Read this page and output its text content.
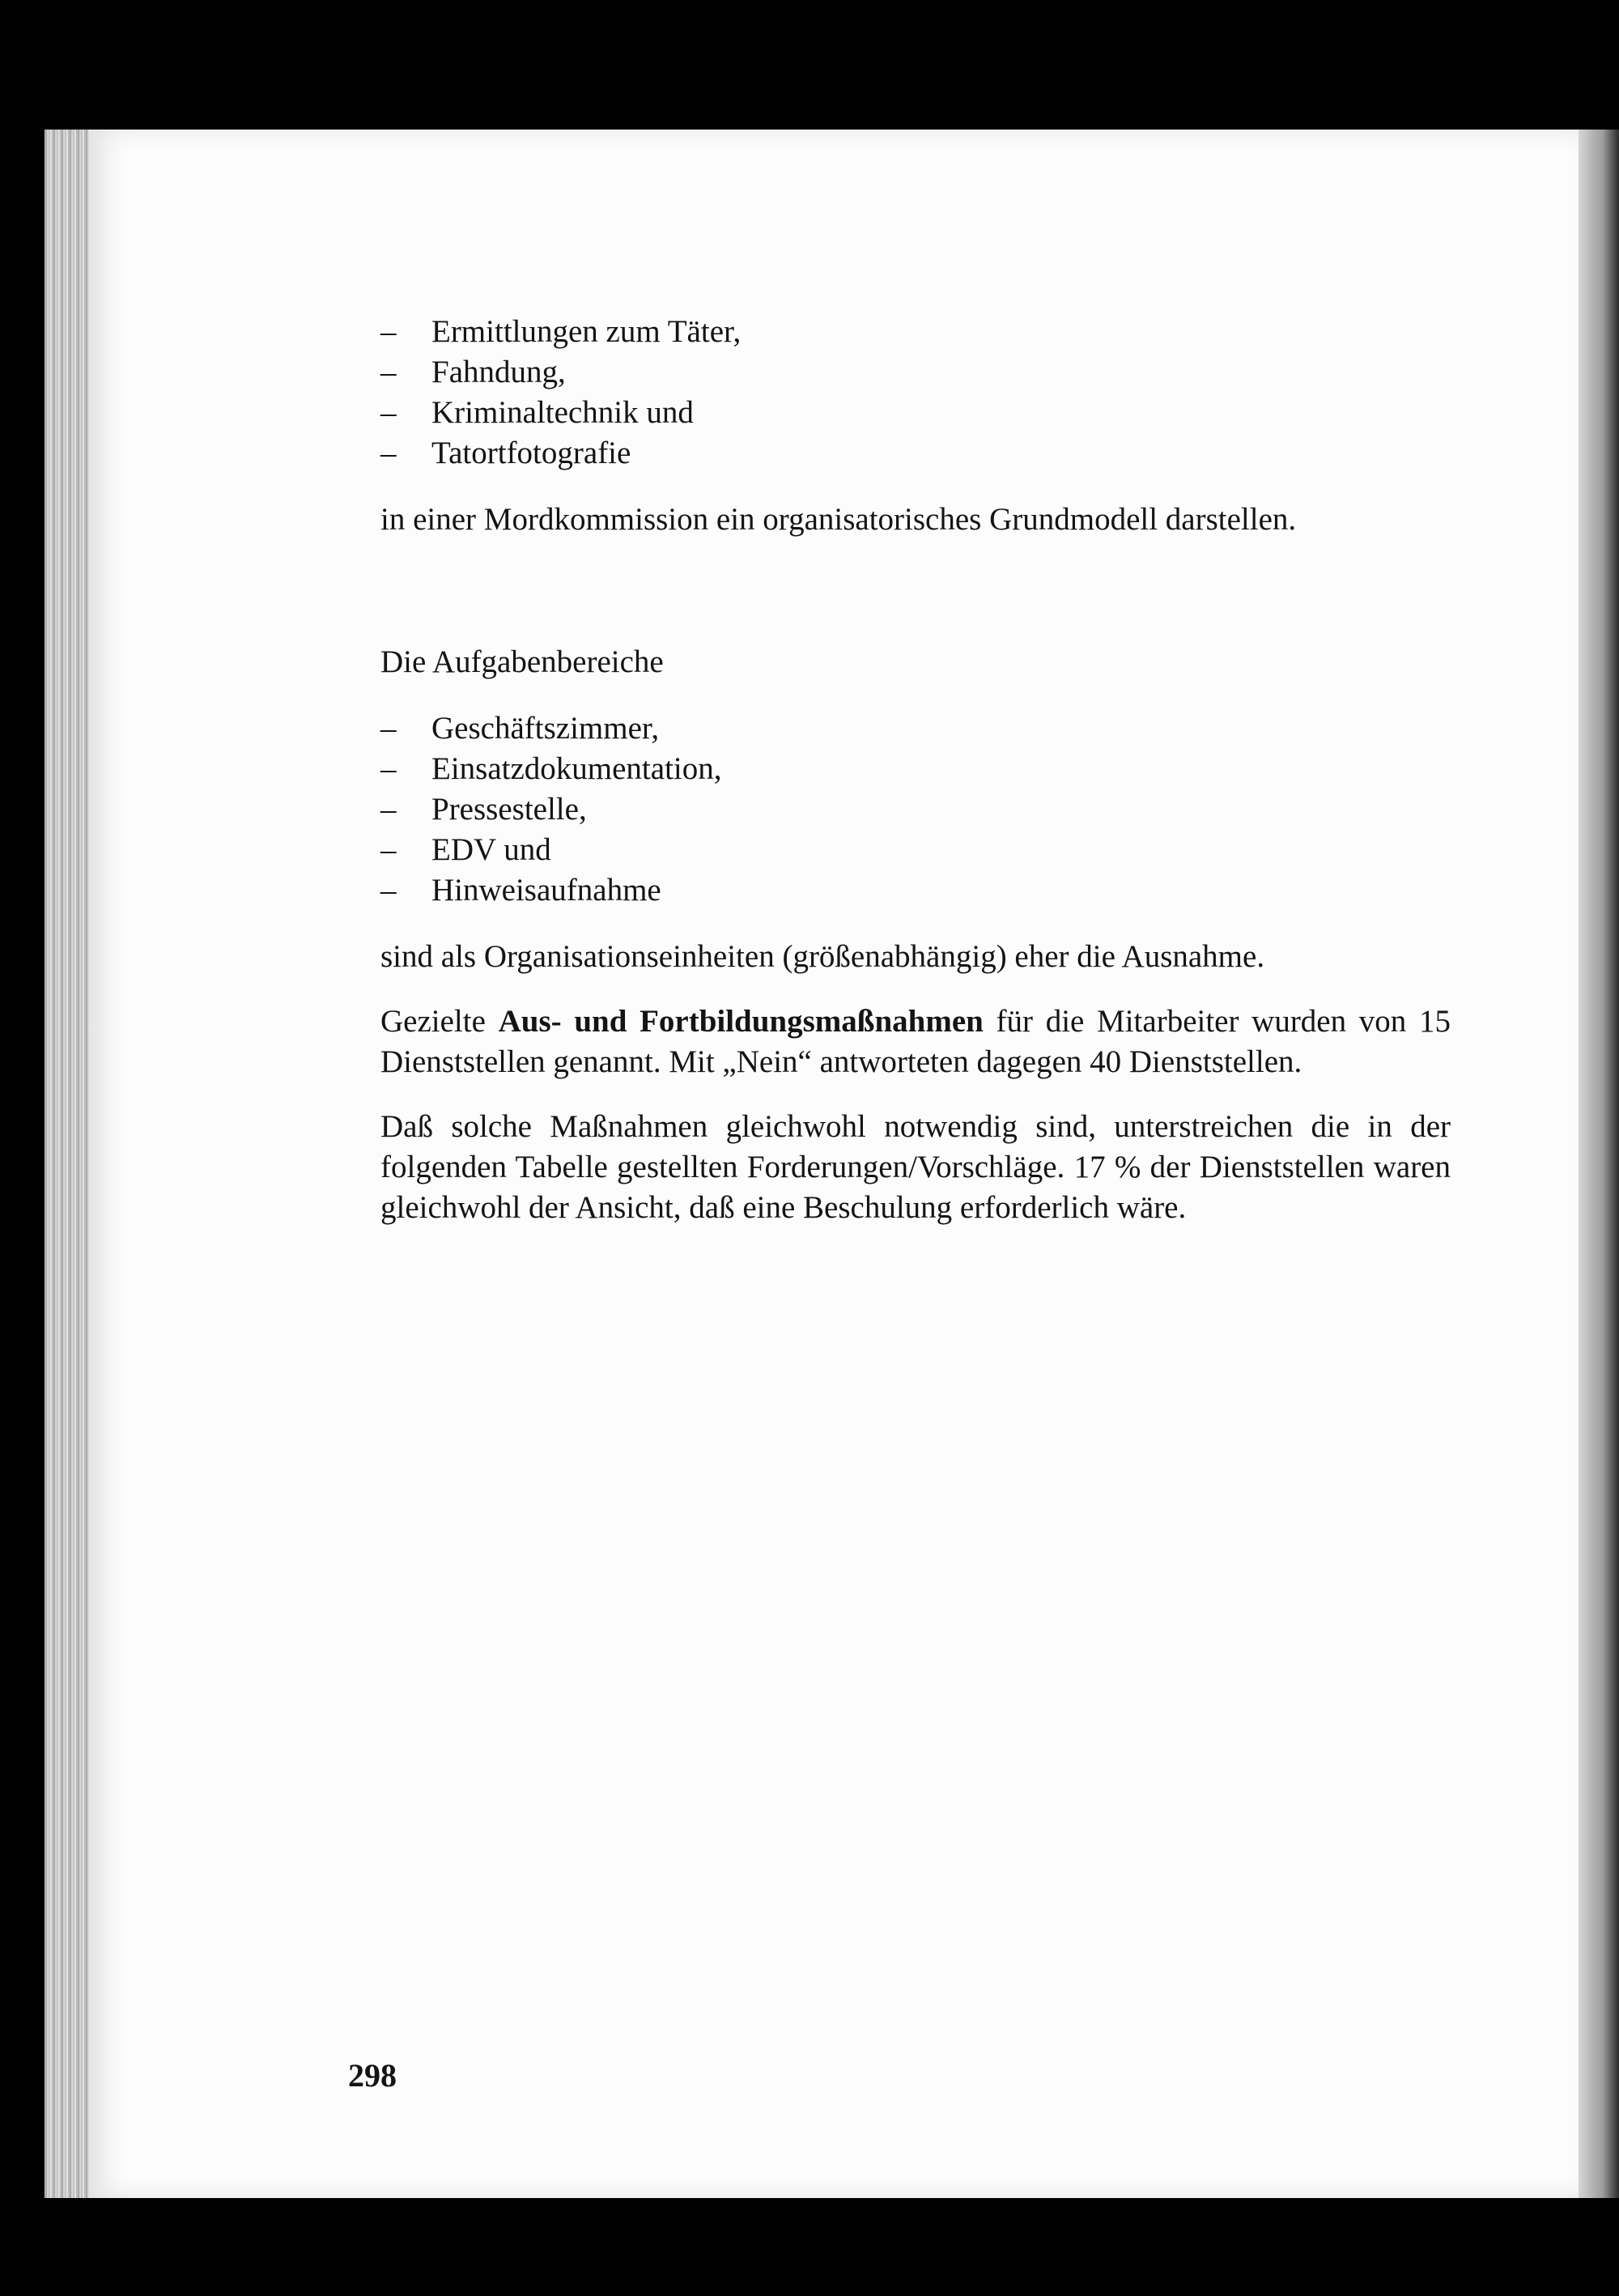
– Ermittlungen zum Täter,
– Fahndung,
– Kriminaltechnik und
– Tatortfotografie

in einer Mordkommission ein organisatorisches Grundmodell darstellen.

Die Aufgabenbereiche

– Geschäftszimmer,
– Einsatzdokumentation,
– Pressestelle,
– EDV und
– Hinweisaufnahme

sind als Organisationseinheiten (größenabhängig) eher die Ausnahme.

Gezielte Aus- und Fortbildungsmaßnahmen für die Mitarbeiter wurden von 15 Dienststellen genannt. Mit „Nein“ antworteten dagegen 40 Dienststellen.

Daß solche Maßnahmen gleichwohl notwendig sind, unterstreichen die in der folgenden Tabelle gestellten Forderungen/Vorschläge. 17 % der Dienststellen waren gleichwohl der Ansicht, daß eine Beschulung erforderlich wäre.

298
